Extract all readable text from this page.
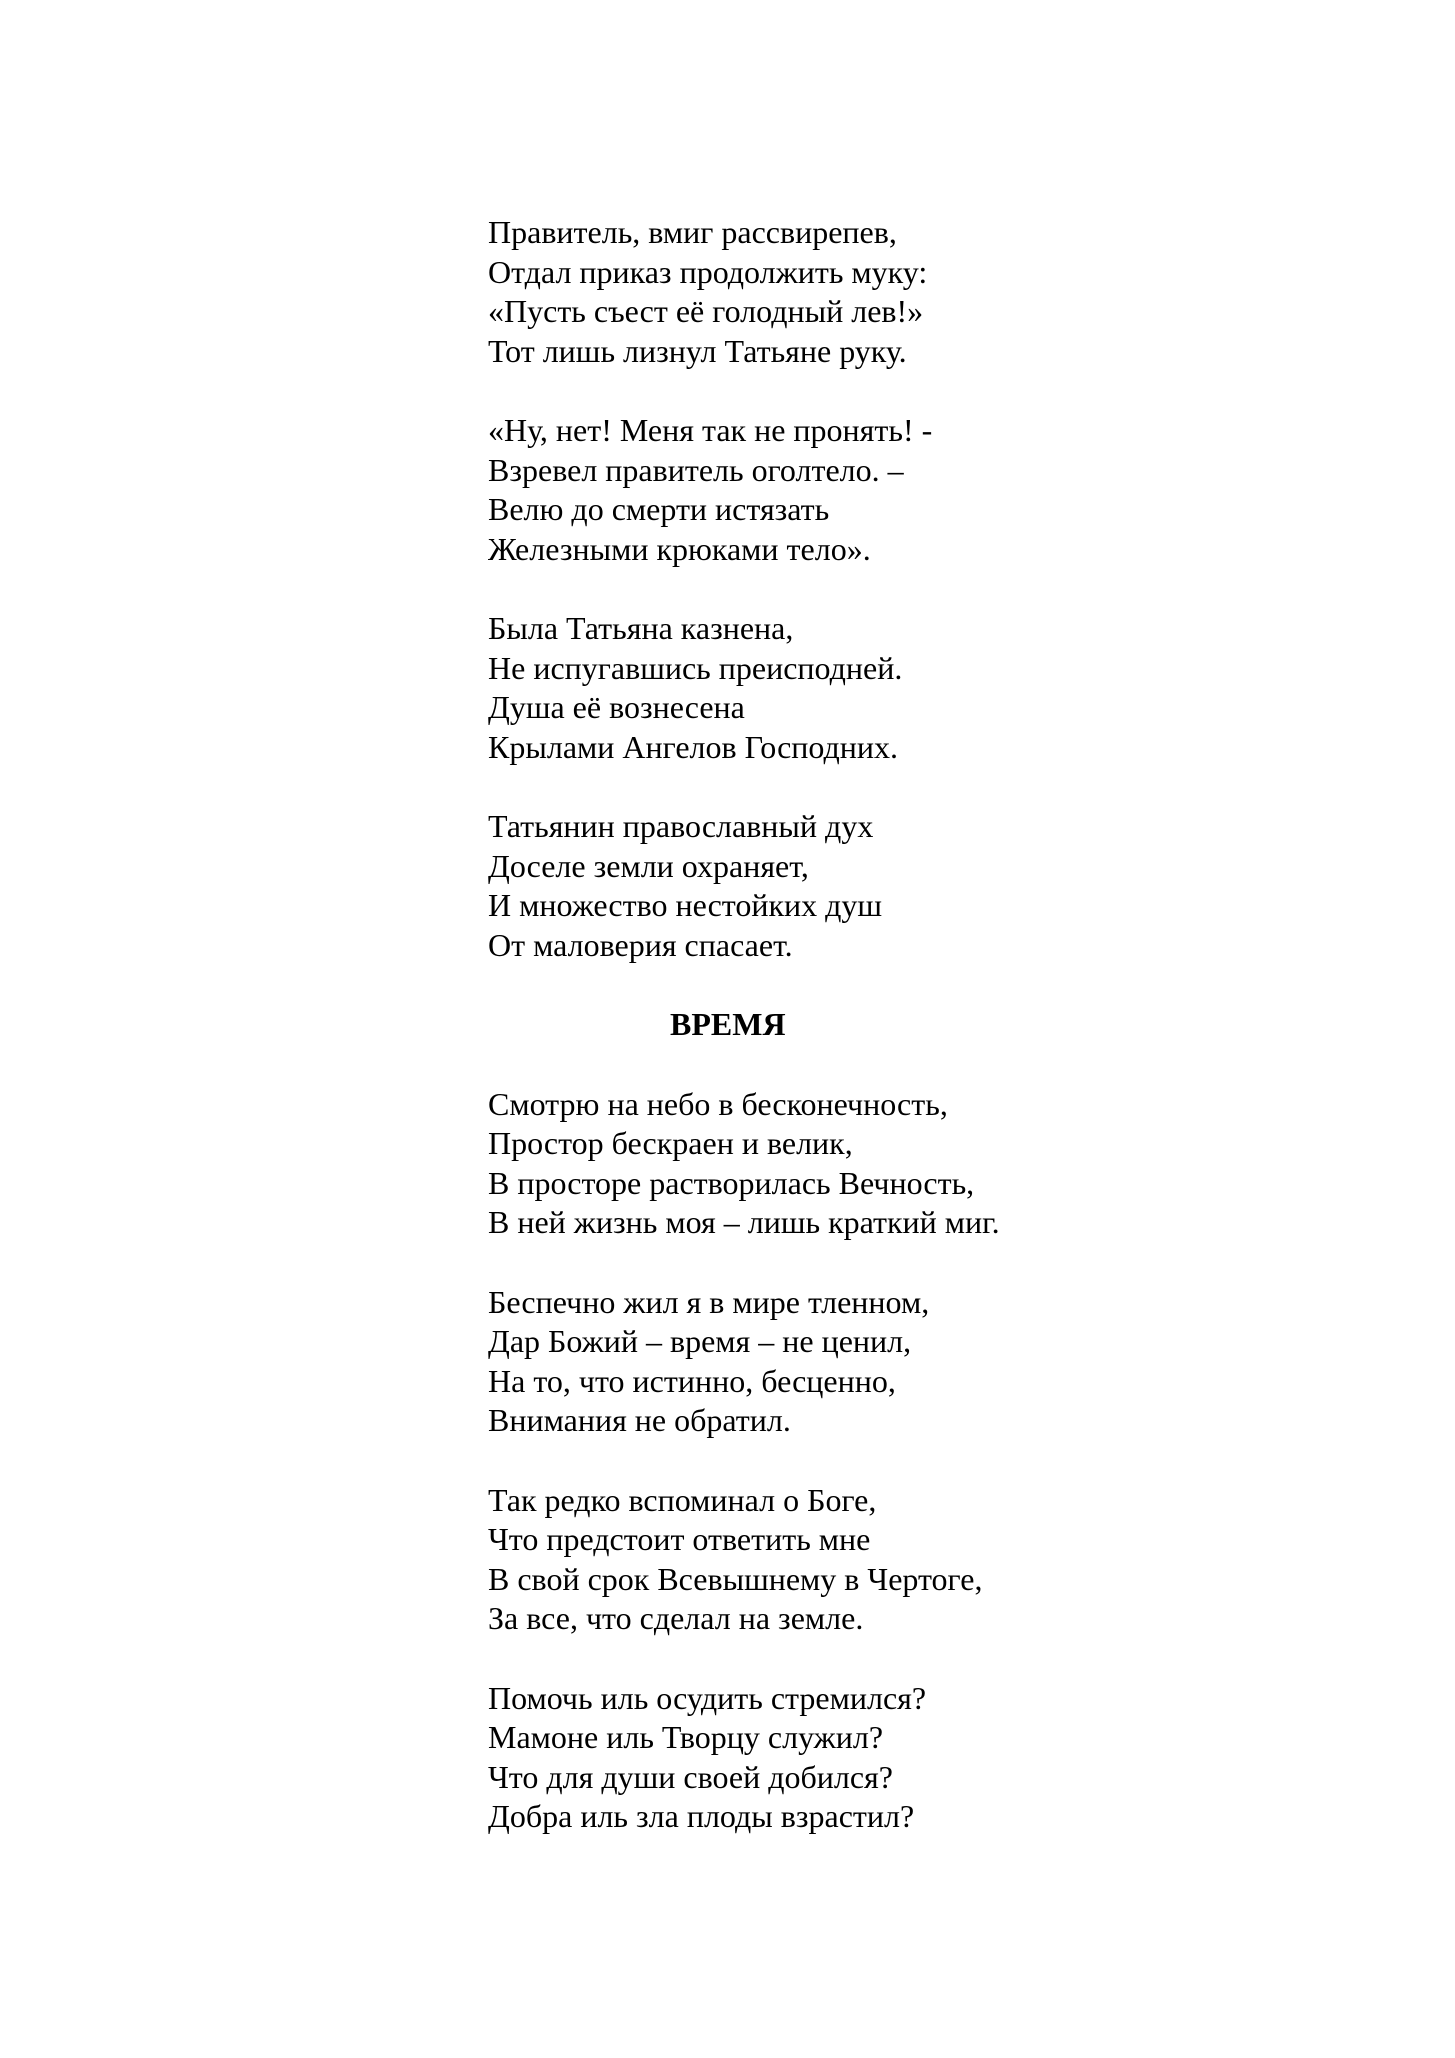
Правитель, вмиг рассвирепев,
Отдал приказ продолжить муку:
«Пусть съест её голодный лев!»
Тот лишь лизнул Татьяне руку.
«Ну, нет! Меня так не пронять! -
Взревел правитель оголтело. –
Велю до смерти истязать
Железными крюками тело».
Была Татьяна казнена,
Не испугавшись преисподней.
Душа её вознесена
Крылами Ангелов Господних.
Татьянин православный дух
Доселе земли охраняет,
И множество нестойких душ
От маловерия спасает.
ВРЕМЯ
Смотрю на небо в бесконечность,
Простор бескраен и велик,
В просторе растворилась Вечность,
В ней жизнь моя – лишь краткий миг.
Беспечно жил я в мире тленном,
Дар Божий – время – не ценил,
На то, что истинно, бесценно,
Внимания не обратил.
Так редко вспоминал о Боге,
Что предстоит ответить мне
В свой срок Всевышнему в Чертоге,
За все, что сделал на земле.
Помочь иль осудить стремился?
Мамоне иль Творцу служил?
Что для души своей добился?
Добра иль зла плоды взрастил?
